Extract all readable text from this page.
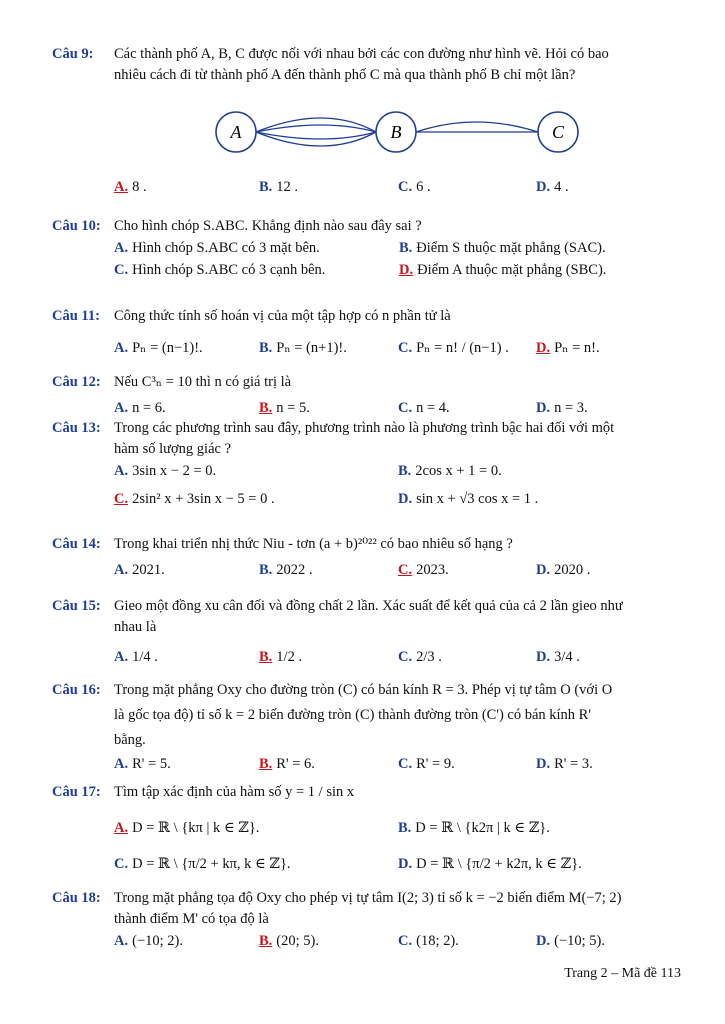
Câu 9:	Các thành phố A, B, C được nối với nhau bởi các con đường như hình vẽ. Hỏi có bao
nhiêu cách đi từ thành phố A đến thành phố C mà qua thành phố B chỉ một lần?
A	B	C
A. 8 .	B. 12 .	C. 6 .	D. 4 .
Câu 10: Cho hình chóp S.ABC. Khẳng định nào sau đây sai ?
A. Hình chóp S.ABC có 3 mặt bên.	B. Điểm S thuộc mặt phẳng (SAC).
C. Hình chóp S.ABC có 3 cạnh bên.	D. Điểm A thuộc mặt phẳng (SBC).
Câu 11: Công thức tính số hoán vị của một tập hợp có n phần tử là
A. Pₙ = (n−1)!.	B. Pₙ = (n+1)!.	C. Pₙ = n! / (n−1) . D. Pₙ = n!.
Câu 12: Nếu C³ₙ = 10 thì n có giá trị là
A. n = 6.	B. n = 5.	C. n = 4.	D. n = 3.
Câu 13: Trong các phương trình sau đây, phương trình nào là phương trình bậc hai đối với một
hàm số lượng giác ?
A. 3sin x − 2 = 0.	B. 2cos x + 1 = 0.
C. 2sin² x + 3sin x − 5 = 0 .	D. sin x + √3 cos x = 1 .
Câu 14: Trong khai triển nhị thức Niu - tơn (a + b)²⁰²² có bao nhiêu số hạng ?
A. 2021.	B. 2022 .	C. 2023.	D. 2020 .
Câu 15: Gieo một đồng xu cân đối và đồng chất 2 lần. Xác suất để kết quả của cả 2 lần gieo như
nhau là
A. 1/4 .	B. 1/2 .	C. 2/3 .	D. 3/4 .
Câu 16: Trong mặt phẳng Oxy cho đường tròn (C) có bán kính R = 3. Phép vị tự tâm O (với O
là gốc tọa độ) tỉ số k = 2 biến đường tròn (C) thành đường tròn (C') có bán kính R'
bằng.
A. R' = 5.	B. R' = 6.	C. R' = 9.	D. R' = 3.
Câu 17: Tìm tập xác định của hàm số y = 1 / sin x
A. D = ℝ \ {kπ | k ∈ ℤ}.	B. D = ℝ \ {k2π | k ∈ ℤ}.
C. D = ℝ \ {π/2 + kπ, k ∈ ℤ}.	D. D = ℝ \ {π/2 + k2π, k ∈ ℤ}.
Câu 18: Trong mặt phẳng tọa độ Oxy cho phép vị tự tâm I(2; 3) tỉ số k = −2 biến điểm M(−7; 2)
thành điểm M' có tọa độ là
A. (−10; 2).	B. (20; 5).	C. (18; 2).	D. (−10; 5).
Trang 2 – Mã đề 113
